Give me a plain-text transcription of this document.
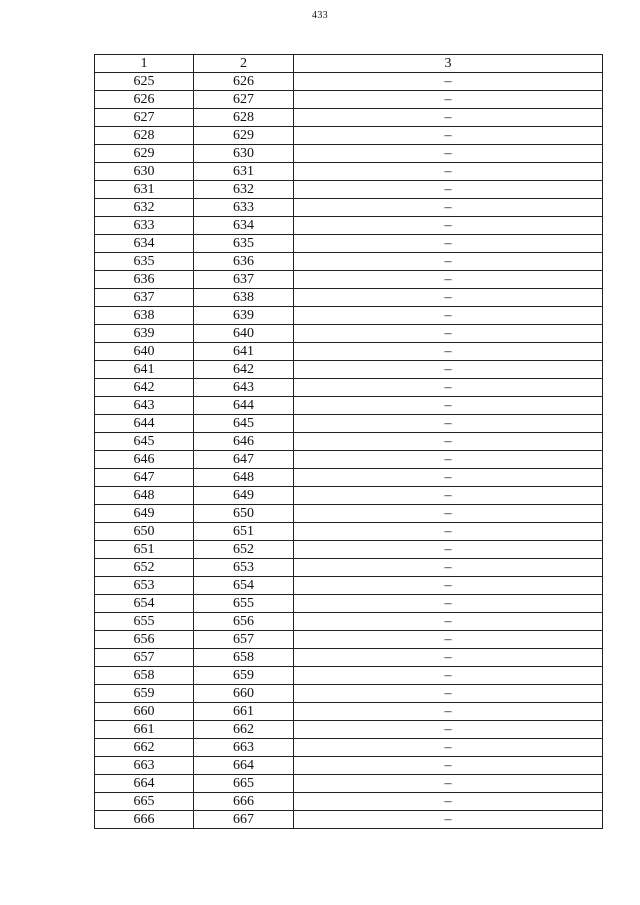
433
1	2	3
625	626	–
626	627	–
627	628	–
628	629	–
629	630	–
630	631	–
631	632	–
632	633	–
633	634	–
634	635	–
635	636	–
636	637	–
637	638	–
638	639	–
639	640	–
640	641	–
641	642	–
642	643	–
643	644	–
644	645	–
645	646	–
646	647	–
647	648	–
648	649	–
649	650	–
650	651	–
651	652	–
652	653	–
653	654	–
654	655	–
655	656	–
656	657	–
657	658	–
658	659	–
659	660	–
660	661	–
661	662	–
662	663	–
663	664	–
664	665	–
665	666	–
666	667	–
